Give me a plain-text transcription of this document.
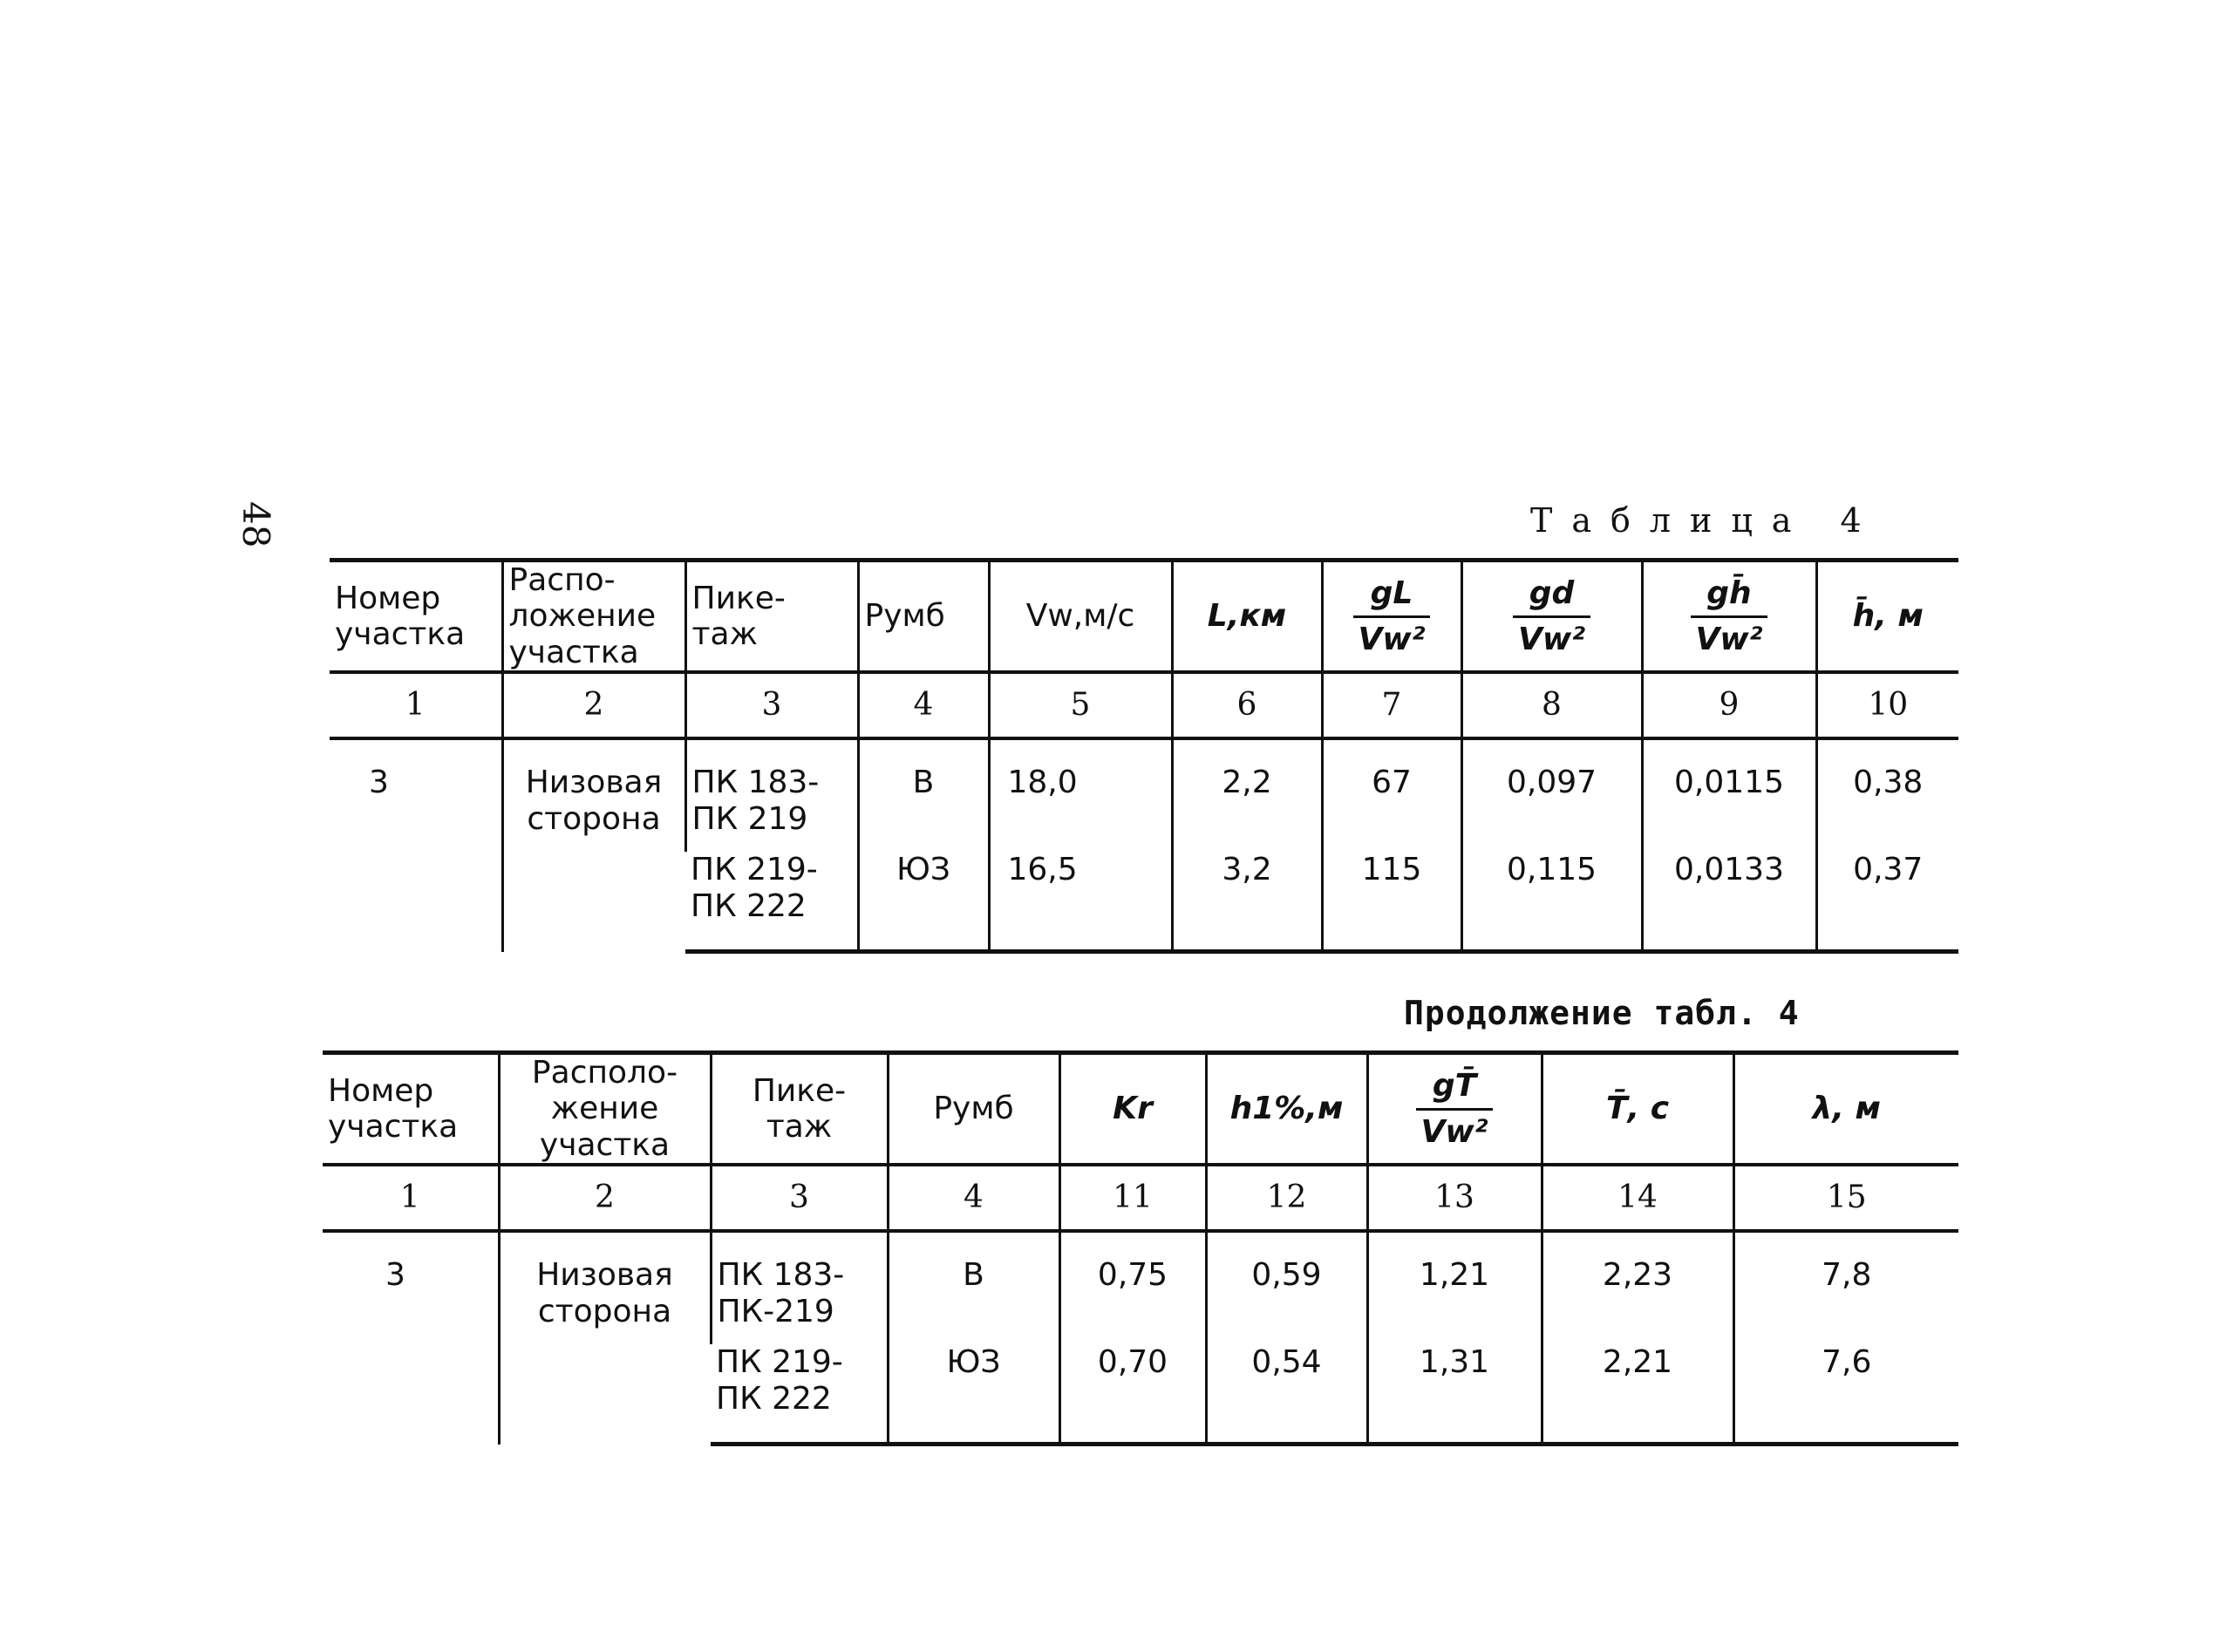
48	Таблица 4
Номер участка	Распо- ложение участка	Пике- таж	Румб	Vw,м/с	L,км	$\frac{gL}{\text{Vw²}}$	$\frac{gd}{\text{Vw²}}$	$\frac{gh̄}{\text{Vw²}}$	h̄, м
1	2	3	4	5	6	7	8	9	10
3	Низовая сторона	ПК 183- ПК 219	В	18,0	2,2	67	0,097	0,0115	0,38
		ПК 219- ПК 222	ЮЗ	16,5	3,2	115	0,115	0,0133	0,37
Продолжение табл. 4
Номер участка	Располо- жение участка	Пике- таж	Румб	Kr	h1%,м	$\frac{gT̄}{\text{Vw²}}$	T̄, с	λ, м
1	2	3	4	11	12	13	14	15
3	Низовая сторона	ПК 183- ПК-219	В	0,75	0,59	1,21	2,23	7,8
		ПК 219- ПК 222	ЮЗ	0,70	0,54	1,31	2,21	7,6
